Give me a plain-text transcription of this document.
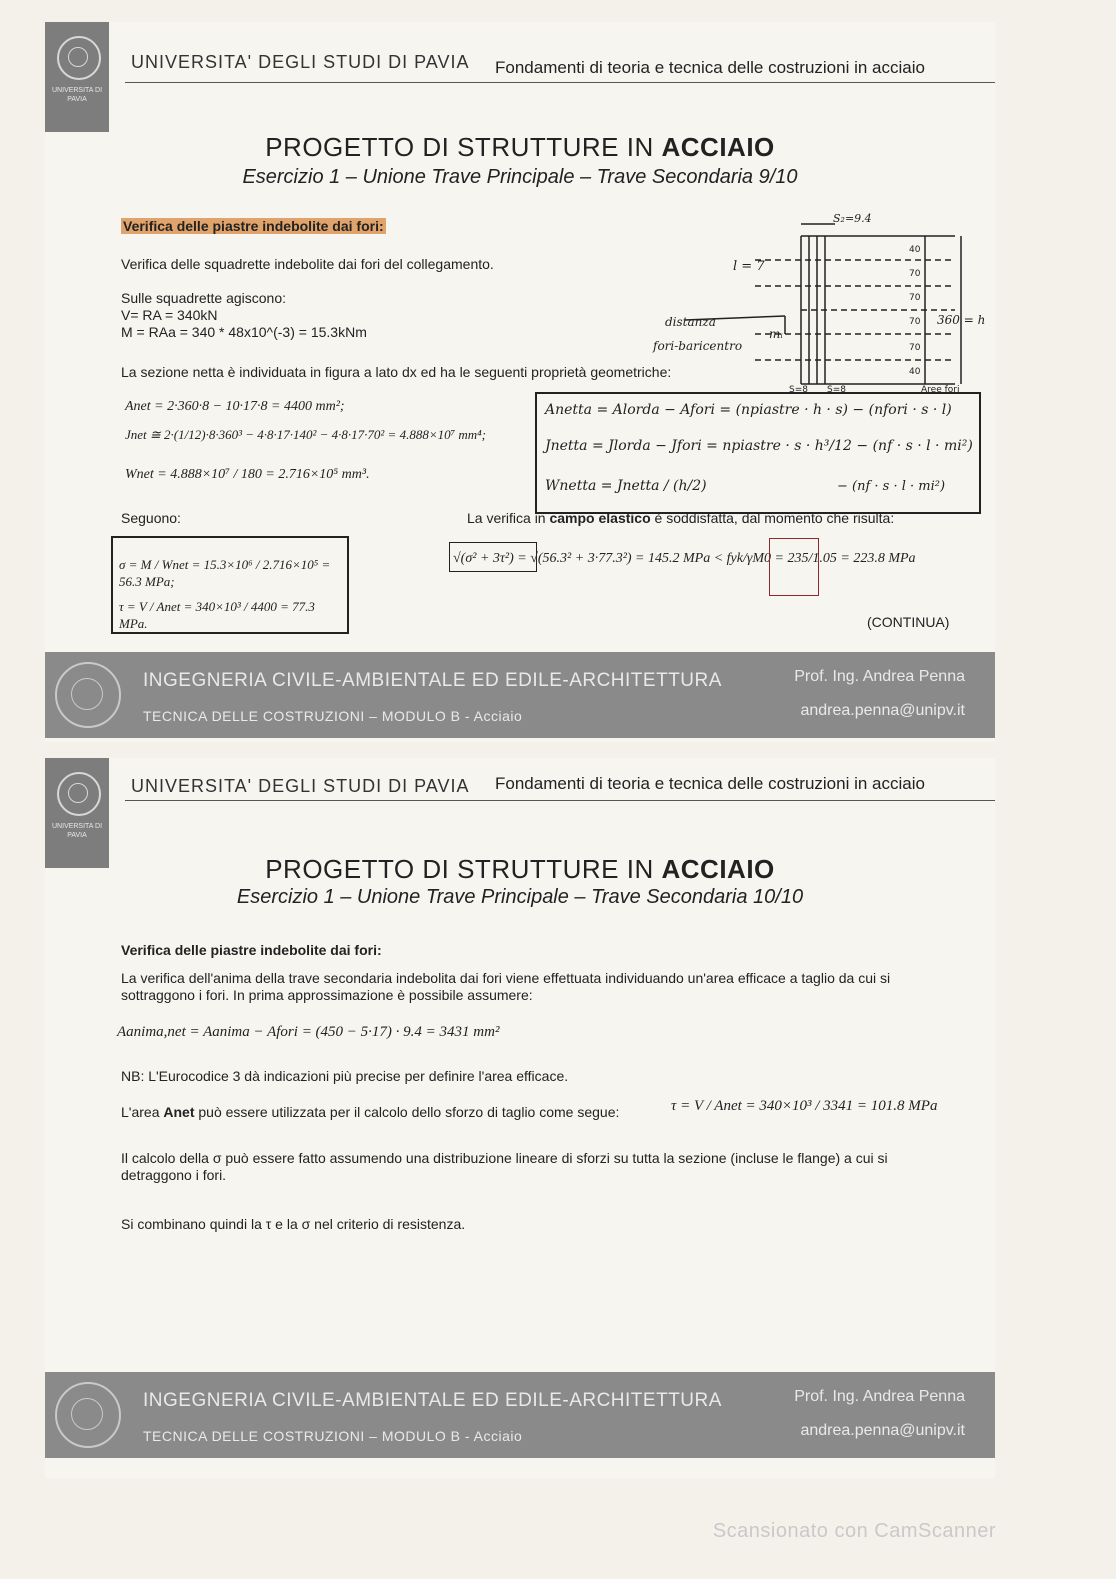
UNIVERSITA DI PAVIA
UNIVERSITA' DEGLI STUDI DI PAVIA Fondamenti di teoria e tecnica delle costruzioni in acciaio
PROGETTO DI STRUTTURE IN ACCIAIO
Esercizio 1 – Unione Trave Principale – Trave Secondaria 9/10
Verifica delle piastre indebolite dai fori:
Verifica delle squadrette indebolite dai fori del collegamento.
Sulle squadrette agiscono:
V= RA = 340kN
M = RAa = 340 * 48x10^(-3) = 15.3kNm
La sezione netta è individuata in figura a lato dx ed ha le seguenti proprietà geometriche:
Anet = 2·360·8 − 10·17·8 = 4400 mm²;
Jnet ≅ 2·(1/12)·8·360³ − 4·8·17·140² − 4·8·17·70² = 4.888×10⁷ mm⁴;
Wnet = 4.888×10⁷ / 180 = 2.716×10⁵ mm³.
Anetta = Alorda − Afori = (npiastre · h · s) − (nfori · s · l)
Jnetta = Jlorda − Jfori = npiastre · s · h³/12 − (nf · s · l · mi²)
Wnetta = Jnetta / (h/2)	− (nf · s · l · mi²)
Seguono:
σ = M / Wnet = 15.3×10⁶ / 2.716×10⁵ = 56.3 MPa;
τ = V / Anet = 340×10³ / 4400 = 77.3 MPa.
La verifica in campo elastico è soddisfatta, dal momento che risulta:
√(σ² + 3τ²) = √(56.3² + 3·77.3²) = 145.2 MPa < fyk/γM0 = 235/1.05 = 223.8 MPa
(CONTINUA)
S₂=9.4
l = 7
distanza
fori-baricentro
mᵢ
360 = h
S=8 S=8	Aree fori
40
70
70
70
70
40
INGEGNERIA CIVILE-AMBIENTALE ED EDILE-ARCHITETTURA
TECNICA DELLE COSTRUZIONI – MODULO B - Acciaio
Prof. Ing. Andrea Penna
andrea.penna@unipv.it
UNIVERSITA DI PAVIA
UNIVERSITA' DEGLI STUDI DI PAVIA Fondamenti di teoria e tecnica delle costruzioni in acciaio
PROGETTO DI STRUTTURE IN ACCIAIO
Esercizio 1 – Unione Trave Principale – Trave Secondaria 10/10
Verifica delle piastre indebolite dai fori:
La verifica dell'anima della trave secondaria indebolita dai fori viene effettuata individuando un'area efficace a taglio da cui si sottraggono i fori. In prima approssimazione è possibile assumere:
Aanima,net = Aanima − Afori = (450 − 5·17) · 9.4 = 3431 mm²
NB: L'Eurocodice 3 dà indicazioni più precise per definire l'area efficace.
L'area Anet può essere utilizzata per il calcolo dello sforzo di taglio come segue:	τ = V / Anet = 340×10³ / 3341 = 101.8 MPa
Il calcolo della σ può essere fatto assumendo una distribuzione lineare di sforzi su tutta la sezione (incluse le flange) a cui si detraggono i fori.
Si combinano quindi la τ e la σ nel criterio di resistenza.
INGEGNERIA CIVILE-AMBIENTALE ED EDILE-ARCHITETTURA
TECNICA DELLE COSTRUZIONI – MODULO B - Acciaio
Prof. Ing. Andrea Penna
andrea.penna@unipv.it
Scansionato con CamScanner
